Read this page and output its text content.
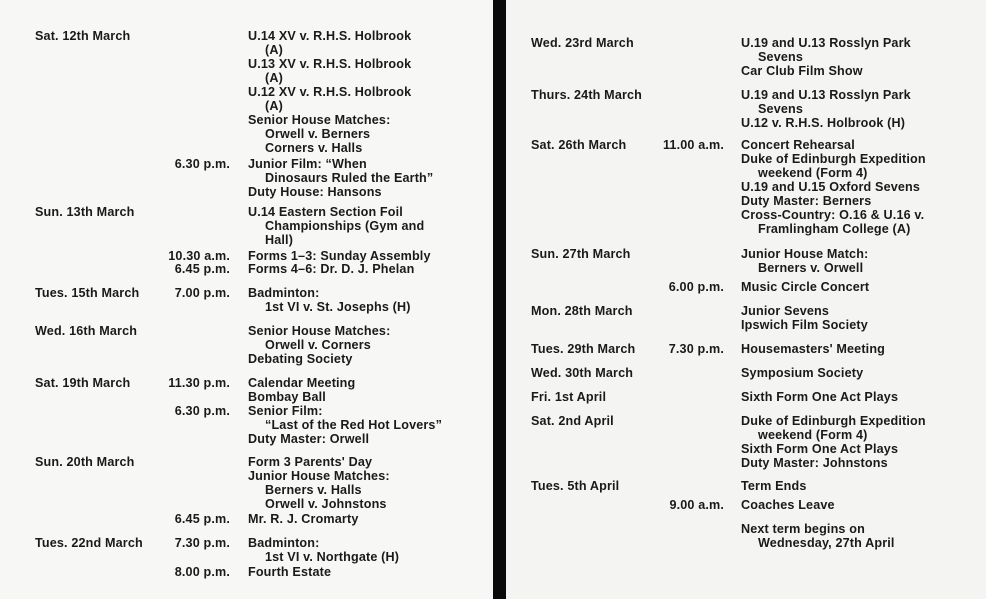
Sat. 12th March	U.14 XV v. R.H.S. Holbrook
(A)
U.13 XV v. R.H.S. Holbrook
(A)
U.12 XV v. R.H.S. Holbrook
(A)
Senior House Matches:
Orwell v. Berners
Corners v. Halls
6.30 p.m. Junior Film: “When
Dinosaurs Ruled the Earth”
Duty House: Hansons
Sun. 13th March	U.14 Eastern Section Foil
Championships (Gym and
Hall)
10.30 a.m. Forms 1–3: Sunday Assembly
6.45 p.m. Forms 4–6: Dr. D. J. Phelan
Tues. 15th March	7.00 p.m. Badminton:
1st VI v. St. Josephs (H)
Wed. 16th March	Senior House Matches:
Orwell v. Corners
Debating Society
Sat. 19th March	11.30 p.m. Calendar Meeting
Bombay Ball
6.30 p.m. Senior Film:
“Last of the Red Hot Lovers”
Duty Master: Orwell
Sun. 20th March	Form 3 Parents' Day
Junior House Matches:
Berners v. Halls
Orwell v. Johnstons
6.45 p.m. Mr. R. J. Cromarty
Tues. 22nd March	7.30 p.m. Badminton:
1st VI v. Northgate (H)
8.00 p.m. Fourth Estate
Wed. 23rd March	U.19 and U.13 Rosslyn Park
Sevens
Car Club Film Show
Thurs. 24th March	U.19 and U.13 Rosslyn Park
Sevens
U.12 v. R.H.S. Holbrook (H)
Sat. 26th March	11.00 a.m. Concert Rehearsal
Duke of Edinburgh Expedition
weekend (Form 4)
U.19 and U.15 Oxford Sevens
Duty Master: Berners
Cross-Country: O.16 & U.16 v.
Framlingham College (A)
Sun. 27th March	Junior House Match:
Berners v. Orwell
6.00 p.m. Music Circle Concert
Mon. 28th March	Junior Sevens
Ipswich Film Society
Tues. 29th March	7.30 p.m. Housemasters' Meeting
Wed. 30th March	Symposium Society
Fri. 1st April	Sixth Form One Act Plays
Sat. 2nd April	Duke of Edinburgh Expedition
weekend (Form 4)
Sixth Form One Act Plays
Duty Master: Johnstons
Tues. 5th April	Term Ends
9.00 a.m. Coaches Leave
Next term begins on
Wednesday, 27th April
